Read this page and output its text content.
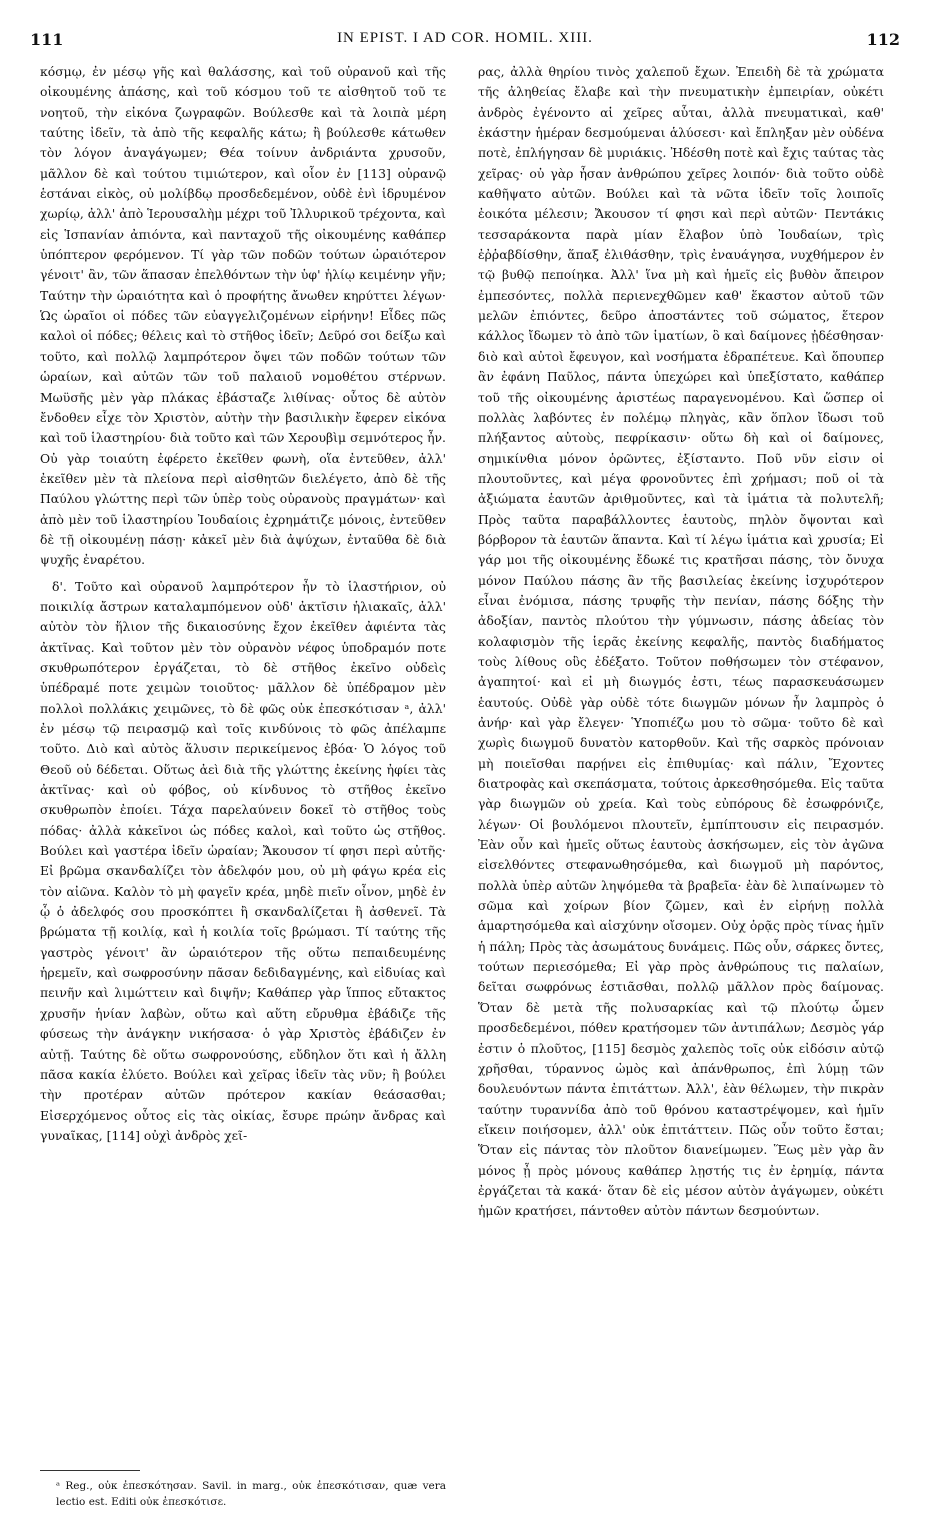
111	IN EPIST. I AD COR. HOMIL. XIII.	112

κόσμῳ, ἐν μέσῳ γῆς καὶ θαλάσσης, καὶ τοῦ οὐρανοῦ καὶ τῆς οἰκουμένης ἁπάσης, καὶ τοῦ κόσμου τοῦ τε αἰσθητοῦ τοῦ τε νοητοῦ, τὴν εἰκόνα ζωγραφῶν. Βούλεσθε καὶ τὰ λοιπὰ μέρη ταύτης ἰδεῖν, τὰ ἀπὸ τῆς κεφαλῆς κάτω; ἢ βούλεσθε κάτωθεν τὸν λόγον ἀναγάγωμεν; Θέα τοίνυν ἀνδριάντα χρυσοῦν, μᾶλλον δὲ καὶ τούτου τιμιώτερον, καὶ οἷον ἐν [113] οὐρανῷ ἑστάναι εἰκὸς, οὐ μολίβδῳ προσδεδεμένον, οὐδὲ ἐνὶ ἱδρυμένον χωρίῳ, ἀλλ' ἀπὸ Ἱερουσαλὴμ μέχρι τοῦ Ἰλλυρικοῦ τρέχοντα, καὶ εἰς Ἱσπανίαν ἀπιόντα, καὶ πανταχοῦ τῆς οἰκουμένης καθάπερ ὑπόπτερον φερόμενον. Τί γὰρ τῶν ποδῶν τούτων ὡραιότερον γένοιτ' ἂν, τῶν ἅπασαν ἐπελθόντων τὴν ὑφ' ἡλίῳ κειμένην γῆν; Ταύτην τὴν ὡραιότητα καὶ ὁ προφήτης ἄνωθεν κηρύττει λέγων· Ὡς ὡραῖοι οἱ πόδες τῶν εὐαγγελιζομένων εἰρήνην! Εἶδες πῶς καλοὶ οἱ πόδες; θέλεις καὶ τὸ στῆθος ἰδεῖν; Δεῦρό σοι δείξω καὶ τοῦτο, καὶ πολλῷ λαμπρότερον ὄψει τῶν ποδῶν τούτων τῶν ὡραίων, καὶ αὐτῶν τῶν τοῦ παλαιοῦ νομοθέτου στέρνων. Μωϋσῆς μὲν γὰρ πλάκας ἐβάσταζε λιθίνας· οὗτος δὲ αὐτὸν ἔνδοθεν εἶχε τὸν Χριστὸν, αὐτὴν τὴν βασιλικὴν ἔφερεν εἰκόνα καὶ τοῦ ἱλαστηρίου· διὰ τοῦτο καὶ τῶν Χερουβὶμ σεμνότερος ἦν. Οὐ γὰρ τοιαύτη ἐφέρετο ἐκεῖθεν φωνὴ, οἵα ἐντεῦθεν, ἀλλ' ἐκεῖθεν μὲν τὰ πλείονα περὶ αἰσθητῶν διελέγετο, ἀπὸ δὲ τῆς Παύλου γλώττης περὶ τῶν ὑπὲρ τοὺς οὐρανοὺς πραγμάτων· καὶ ἀπὸ μὲν τοῦ ἱλαστηρίου Ἰουδαίοις ἐχρημάτιζε μόνοις, ἐντεῦθεν δὲ τῇ οἰκουμένῃ πάσῃ· κἀκεῖ μὲν διὰ ἀψύχων, ἐνταῦθα δὲ διὰ ψυχῆς ἐναρέτου.

δ'. Τοῦτο καὶ οὐρανοῦ λαμπρότερον ἦν τὸ ἱλαστήριον, οὐ ποικιλίᾳ ἄστρων καταλαμπόμενον οὐδ' ἀκτῖσιν ἡλιακαῖς, ἀλλ' αὐτὸν τὸν ἥλιον τῆς δικαιοσύνης ἔχον ἐκεῖθεν ἀφιέντα τὰς ἀκτῖνας. Καὶ τοῦτον μὲν τὸν οὐρανὸν νέφος ὑποδραμόν ποτε σκυθρωπότερον ἐργάζεται, τὸ δὲ στῆθος ἐκεῖνο οὐδεὶς ὑπέδραμέ ποτε χειμὼν τοιοῦτος· μᾶλλον δὲ ὑπέδραμον μὲν πολλοὶ πολλάκις χειμῶνες, τὸ δὲ φῶς οὐκ ἐπεσκότισαν ᵃ, ἀλλ' ἐν μέσῳ τῷ πειρασμῷ καὶ τοῖς κινδύνοις τὸ φῶς ἀπέλαμπε τοῦτο. Διὸ καὶ αὐτὸς ἅλυσιν περικείμενος ἐβόα· Ὁ λόγος τοῦ Θεοῦ οὐ δέδεται. Οὕτως ἀεὶ διὰ τῆς γλώττης ἐκείνης ἠφίει τὰς ἀκτῖνας· καὶ οὐ φόβος, οὐ κίνδυνος τὸ στῆθος ἐκεῖνο σκυθρωπὸν ἐποίει. Τάχα παρελαύνειν δοκεῖ τὸ στῆθος τοὺς πόδας· ἀλλὰ κἀκεῖνοι ὡς πόδες καλοὶ, καὶ τοῦτο ὡς στῆθος. Βούλει καὶ γαστέρα ἰδεῖν ὡραίαν; Ἄκουσον τί φησι περὶ αὐτῆς· Εἰ βρῶμα σκανδαλίζει τὸν ἀδελφόν μου, οὐ μὴ φάγω κρέα εἰς τὸν αἰῶνα. Καλὸν τὸ μὴ φαγεῖν κρέα, μηδὲ πιεῖν οἶνον, μηδὲ ἐν ᾧ ὁ ἀδελφός σου προσκόπτει ἢ σκανδαλίζεται ἢ ἀσθενεῖ. Τὰ βρώματα τῇ κοιλίᾳ, καὶ ἡ κοιλία τοῖς βρώμασι. Τί ταύτης τῆς γαστρὸς γένοιτ' ἂν ὡραιότερον τῆς οὕτω πεπαιδευμένης ἡρεμεῖν, καὶ σωφροσύνην πᾶσαν δεδιδαγμένης, καὶ εἰδυίας καὶ πεινῆν καὶ λιμώττειν καὶ διψῆν; Καθάπερ γὰρ ἵππος εὔτακτος χρυσῆν ἡνίαν λαβὼν, οὕτω καὶ αὕτη εὔρυθμα ἐβάδιζε τῆς φύσεως τὴν ἀνάγκην νικήσασα· ὁ γὰρ Χριστὸς ἐβάδιζεν ἐν αὐτῇ. Ταύτης δὲ οὕτω σωφρονούσης, εὔδηλον ὅτι καὶ ἡ ἄλλη πᾶσα κακία ἐλύετο. Βούλει καὶ χεῖρας ἰδεῖν τὰς νῦν; ἢ βούλει τὴν προτέραν αὐτῶν πρότερον κακίαν θεάσασθαι; Εἰσερχόμενος οὗτος εἰς τὰς οἰκίας, ἔσυρε πρώην ἄνδρας καὶ γυναῖκας, [114] οὐχὶ ἀνδρὸς χεῖ-

ρας, ἀλλὰ θηρίου τινὸς χαλεποῦ ἔχων. Ἐπειδὴ δὲ τὰ χρώματα τῆς ἀληθείας ἔλαβε καὶ τὴν πνευματικὴν ἐμπειρίαν, οὐκέτι ἀνδρὸς ἐγένοντο αἱ χεῖρες αὗται, ἀλλὰ πνευματικαὶ, καθ' ἑκάστην ἡμέραν δεσμούμεναι ἁλύσεσι· καὶ ἔπληξαν μὲν οὐδένα ποτὲ, ἐπλήγησαν δὲ μυριάκις. Ἠδέσθη ποτὲ καὶ ἔχις ταύτας τὰς χεῖρας· οὐ γὰρ ἦσαν ἀνθρώπου χεῖρες λοιπόν· διὰ τοῦτο οὐδὲ καθῆψατο αὐτῶν. Βούλει καὶ τὰ νῶτα ἰδεῖν τοῖς λοιποῖς ἐοικότα μέλεσιν; Ἄκουσον τί φησι καὶ περὶ αὐτῶν· Πεντάκις τεσσαράκοντα παρὰ μίαν ἔλαβον ὑπὸ Ἰουδαίων, τρὶς ἐῤῥαβδίσθην, ἅπαξ ἐλιθάσθην, τρὶς ἐναυάγησα, νυχθήμερον ἐν τῷ βυθῷ πεποίηκα. Ἀλλ' ἵνα μὴ καὶ ἡμεῖς εἰς βυθὸν ἄπειρον ἐμπεσόντες, πολλὰ περιενεχθῶμεν καθ' ἕκαστον αὐτοῦ τῶν μελῶν ἐπιόντες, δεῦρο ἀποστάντες τοῦ σώματος, ἕτερον κάλλος ἴδωμεν τὸ ἀπὸ τῶν ἱματίων, ὃ καὶ δαίμονες ᾐδέσθησαν· διὸ καὶ αὐτοὶ ἔφευγον, καὶ νοσήματα ἐδραπέτευε. Καὶ ὅπουπερ ἂν ἐφάνη Παῦλος, πάντα ὑπεχώρει καὶ ὑπεξίστατο, καθάπερ τοῦ τῆς οἰκουμένης ἀριστέως παραγενομένου. Καὶ ὥσπερ οἱ πολλὰς λαβόντες ἐν πολέμῳ πληγὰς, κἂν ὅπλον ἴδωσι τοῦ πλήξαντος αὐτοὺς, πεφρίκασιν· οὕτω δὴ καὶ οἱ δαίμονες, σημικίνθια μόνον ὁρῶντες, ἐξίσταντο. Ποῦ νῦν εἰσιν οἱ πλουτοῦντες, καὶ μέγα φρονοῦντες ἐπὶ χρήμασι; ποῦ οἱ τὰ ἀξιώματα ἑαυτῶν ἀριθμοῦντες, καὶ τὰ ἱμάτια τὰ πολυτελῆ; Πρὸς ταῦτα παραβάλλοντες ἑαυτοὺς, πηλὸν ὄψονται καὶ βόρβορον τὰ ἑαυτῶν ἅπαντα. Καὶ τί λέγω ἱμάτια καὶ χρυσία; Εἰ γάρ μοι τῆς οἰκουμένης ἔδωκέ τις κρατῆσαι πάσης, τὸν ὄνυχα μόνον Παύλου πάσης ἂν τῆς βασιλείας ἐκείνης ἰσχυρότερον εἶναι ἐνόμισα, πάσης τρυφῆς τὴν πενίαν, πάσης δόξης τὴν ἀδοξίαν, παντὸς πλούτου τὴν γύμνωσιν, πάσης ἀδείας τὸν κολαφισμὸν τῆς ἱερᾶς ἐκείνης κεφαλῆς, παντὸς διαδήματος τοὺς λίθους οὓς ἐδέξατο. Τοῦτον ποθήσωμεν τὸν στέφανον, ἀγαπητοί· καὶ εἰ μὴ διωγμός ἐστι, τέως παρασκευάσωμεν ἑαυτούς. Οὐδὲ γὰρ οὐδὲ τότε διωγμῶν μόνων ἦν λαμπρὸς ὁ ἀνήρ· καὶ γὰρ ἔλεγεν· Ὑποπιέζω μου τὸ σῶμα· τοῦτο δὲ καὶ χωρὶς διωγμοῦ δυνατὸν κατορθοῦν. Καὶ τῆς σαρκὸς πρόνοιαν μὴ ποιεῖσθαι παρῄνει εἰς ἐπιθυμίας· καὶ πάλιν, Ἔχοντες διατροφὰς καὶ σκεπάσματα, τούτοις ἀρκεσθησόμεθα. Εἰς ταῦτα γὰρ διωγμῶν οὐ χρεία. Καὶ τοὺς εὐπόρους δὲ ἐσωφρόνιζε, λέγων· Οἱ βουλόμενοι πλουτεῖν, ἐμπίπτουσιν εἰς πειρασμόν. Ἐὰν οὖν καὶ ἡμεῖς οὕτως ἑαυτοὺς ἀσκήσωμεν, εἰς τὸν ἀγῶνα εἰσελθόντες στεφανωθησόμεθα, καὶ διωγμοῦ μὴ παρόντος, πολλὰ ὑπὲρ αὐτῶν ληψόμεθα τὰ βραβεῖα· ἐὰν δὲ λιπαίνωμεν τὸ σῶμα καὶ χοίρων βίον ζῶμεν, καὶ ἐν εἰρήνῃ πολλὰ ἁμαρτησόμεθα καὶ αἰσχύνην οἴσομεν. Οὐχ ὁρᾷς πρὸς τίνας ἡμῖν ἡ πάλη; Πρὸς τὰς ἀσωμάτους δυνάμεις. Πῶς οὖν, σάρκες ὄντες, τούτων περιεσόμεθα; Εἰ γὰρ πρὸς ἀνθρώπους τις παλαίων, δεῖται σωφρόνως ἑστιᾶσθαι, πολλῷ μᾶλλον πρὸς δαίμονας. Ὅταν δὲ μετὰ τῆς πολυσαρκίας καὶ τῷ πλούτῳ ὦμεν προσδεδεμένοι, πόθεν κρατήσομεν τῶν ἀντιπάλων; Δεσμὸς γάρ ἐστιν ὁ πλοῦτος, [115] δεσμὸς χαλεπὸς τοῖς οὐκ εἰδόσιν αὐτῷ χρῆσθαι, τύραννος ὠμὸς καὶ ἀπάνθρωπος, ἐπὶ λύμῃ τῶν δουλευόντων πάντα ἐπιτάττων. Ἀλλ', ἐὰν θέλωμεν, τὴν πικρὰν ταύτην τυραννίδα ἀπὸ τοῦ θρόνου καταστρέψομεν, καὶ ἡμῖν εἴκειν ποιήσομεν, ἀλλ' οὐκ ἐπιτάττειν. Πῶς οὖν τοῦτο ἔσται; Ὅταν εἰς πάντας τὸν πλοῦτον διανείμωμεν. Ἕως μὲν γὰρ ἂν μόνος ᾖ πρὸς μόνους καθάπερ λῃστής τις ἐν ἐρημίᾳ, πάντα ἐργάζεται τὰ κακά· ὅταν δὲ εἰς μέσον αὐτὸν ἀγάγωμεν, οὐκέτι ἡμῶν κρατήσει, πάντοθεν αὐτὸν πάντων δεσμούντων.

ᵃ Reg., οὐκ ἐπεσκότησαν. Savil. in marg., οὐκ ἐπεσκότισαν, quæ vera lectio est. Editi οὐκ ἐπεσκότισε.
